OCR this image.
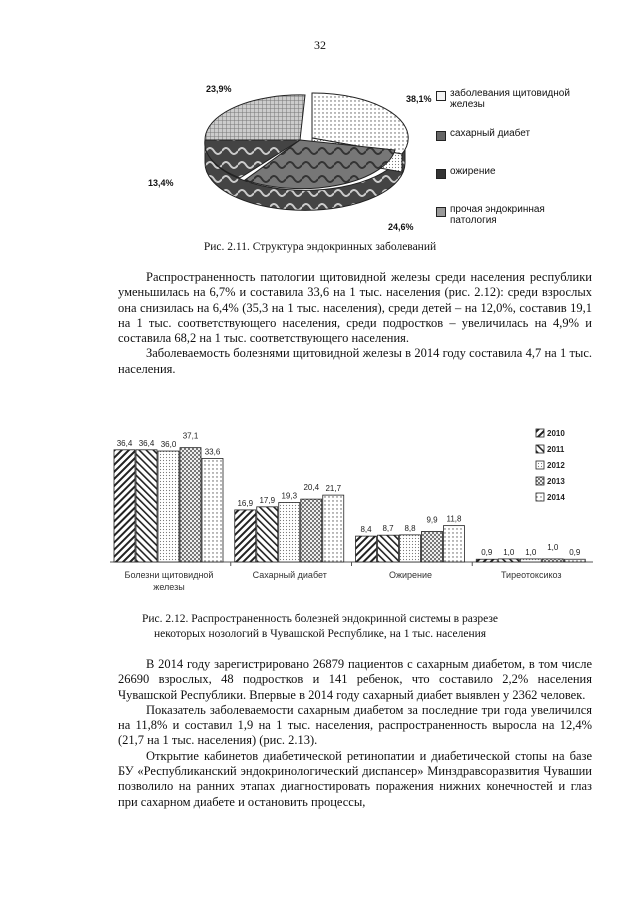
32
38,1%
23,9%
13,4%
24,6%
заболевания щитовидной железы
сахарный диабет
ожирение
прочая эндокринная патология
Рис. 2.11. Структура эндокринных заболеваний

Распространенность патологии щитовидной железы среди населения республики уменьшилась на 6,7% и составила 33,6 на 1 тыс. населения (рис. 2.12): среди взрослых она снизилась на 6,4% (35,3 на 1 тыс. населения), среди детей – на 12,0%, составив 19,1 на 1 тыс. соответствующего населения, среди подростков – увеличилась на 4,9% и составила 68,2 на 1 тыс. соответствующего населения.

Заболеваемость болезнями щитовидной железы в 2014 году составила 4,7 на 1 тыс. населения.

36,4 36,4 36,0
37,1
33,6
Болезни щитовидной
железы
16,9 17,9 19,3
20,4 21,7
Сахарный диабет
8,4 8,7 8,8
9,9 11,8
Ожирение
0,9 1,0 1,0
1,0
0,9
Тиреотоксикоз
2010
2011
2012
2013
2014
Рис. 2.12. Распространенность болезней эндокринной системы в разрезе
некоторых нозологий в Чувашской Республике, на 1 тыс. населения

В 2014 году зарегистрировано 26879 пациентов с сахарным диабетом, в том числе 26690 взрослых, 48 подростков и 141 ребенок, что составило 2,2% населения Чувашской Республики. Впервые в 2014 году сахарный диабет выявлен у 2362 человек.

Показатель заболеваемости сахарным диабетом за последние три года увеличился на 11,8% и составил 1,9 на 1 тыс. населения, распространенность выросла на 12,4% (21,7 на 1 тыс. населения) (рис. 2.13).

Открытие кабинетов диабетической ретинопатии и диабетической стопы на базе БУ «Республиканский эндокринологический диспансер» Минздравсоразвития Чувашии позволило на ранних этапах диагностировать поражения нижних конечностей и глаз при сахарном диабете и остановить процессы,
